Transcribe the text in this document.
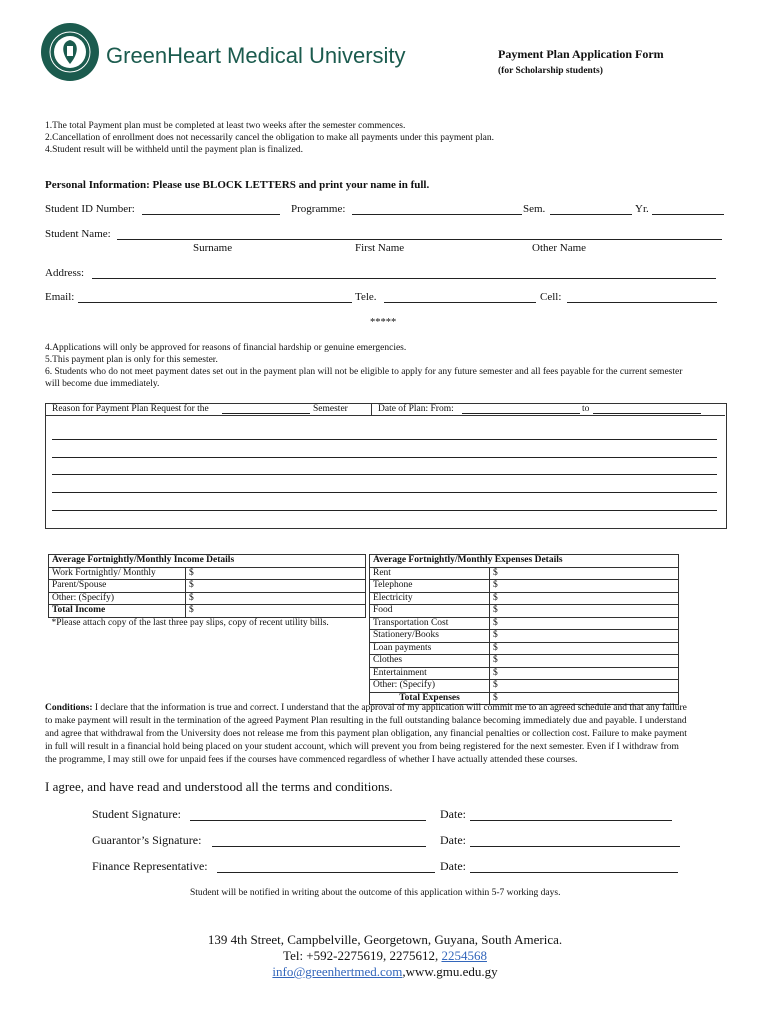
GreenHeart Medical University	Payment Plan Application Form
(for Scholarship students)
1.The total Payment plan must be completed at least two weeks after the semester commences.
2.Cancellation of enrollment does not necessarily cancel the obligation to make all payments under this payment plan.
4.Student result will be withheld until the payment plan is finalized.
Personal Information: Please use BLOCK LETTERS and print your name in full.
Student ID Number:	Programme:	Sem.	Yr.
Student Name:
Surname	First Name	Other Name
Address:
Email:	Tele.	Cell:
*****
4.Applications will only be approved for reasons of financial hardship or genuine emergencies.
5.This payment plan is only for this semester.
6. Students who do not meet payment dates set out in the payment plan will not be eligible to apply for any future semester and all fees payable for the current semester
will become due immediately.
Reason for Payment Plan Request for the	Semester	Date of Plan: From:	to
Average Fortnightly/Monthly Income Details	
Work Fortnightly/ Monthly	$
Parent/Spouse	$
Other: (Specify)	$
Total Income	$
*Please attach copy of the last three pay slips, copy of recent utility bills.	
Average Fortnightly/Monthly Expenses Details	
Rent	$
Telephone	$
Electricity	$
Food	$
Transportation Cost	$
Stationery/Books	$
Loan payments	$
Clothes	$
Entertainment	$
Other: (Specify)	$
Total Expenses	$
Conditions: I declare that the information is true and correct. I understand that the approval of my application will commit me to an agreed schedule and that any failure
to make payment will result in the termination of the agreed Payment Plan resulting in the full outstanding balance becoming immediately due and payable. I understand
and agree that withdrawal from the University does not release me from this payment plan obligation, any financial penalties or collection cost. Failure to make payment
in full will result in a financial hold being placed on your student account, which will prevent you from being registered for the next semester. Even if I withdraw from
the programme, I may still owe for unpaid fees if the courses have commenced regardless of whether I have actually attended these courses.
I agree, and have read and understood all the terms and conditions.
Student Signature:	Date:
Guarantor’s Signature:	Date:
Finance Representative:	Date:
Student will be notified in writing about the outcome of this application within 5-7 working days.
139 4th Street, Campbelville, Georgetown, Guyana, South America.
Tel: +592-2275619, 2275612, 2254568
info@greenhertmed.com,www.gmu.edu.gy
